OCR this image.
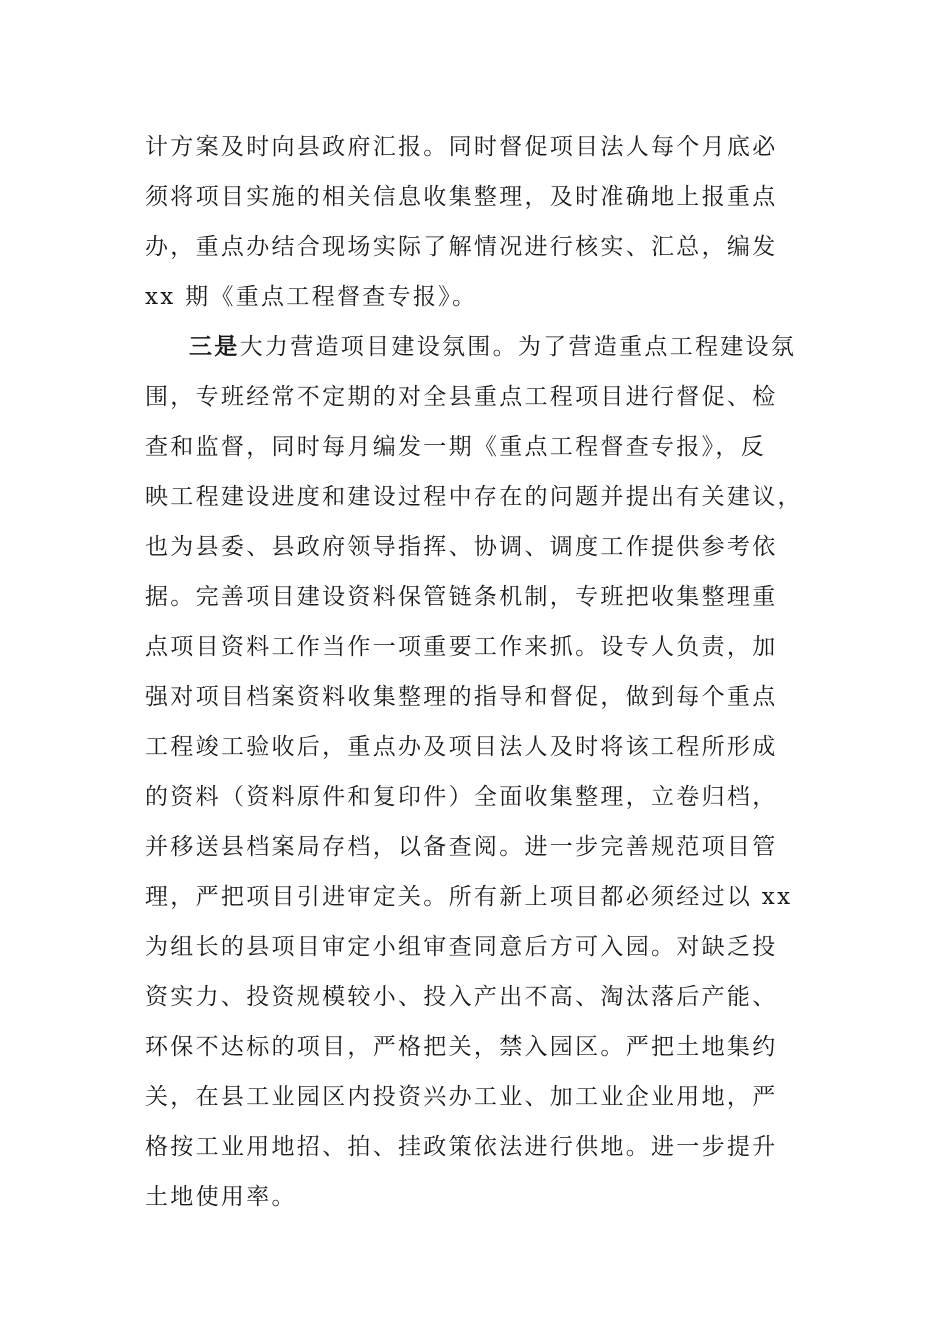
计方案及时向县政府汇报。同时督促项目法人每个月底必
须将项目实施的相关信息收集整理，及时准确地上报重点
办，重点办结合现场实际了解情况进行核实、汇总，编发
xx 期《重点工程督查专报》。
三是大力营造项目建设氛围。为了营造重点工程建设氛
围，专班经常不定期的对全县重点工程项目进行督促、检
查和监督，同时每月编发一期《重点工程督查专报》，反
映工程建设进度和建设过程中存在的问题并提出有关建议，
也为县委、县政府领导指挥、协调、调度工作提供参考依
据。完善项目建设资料保管链条机制，专班把收集整理重
点项目资料工作当作一项重要工作来抓。设专人负责，加
强对项目档案资料收集整理的指导和督促，做到每个重点
工程竣工验收后，重点办及项目法人及时将该工程所形成
的资料（资料原件和复印件）全面收集整理，立卷归档，
并移送县档案局存档，以备查阅。进一步完善规范项目管
理，严把项目引进审定关。所有新上项目都必须经过以 xx
为组长的县项目审定小组审查同意后方可入园。对缺乏投
资实力、投资规模较小、投入产出不高、淘汰落后产能、
环保不达标的项目，严格把关，禁入园区。严把土地集约
关，在县工业园区内投资兴办工业、加工业企业用地，严
格按工业用地招、拍、挂政策依法进行供地。进一步提升
土地使用率。
